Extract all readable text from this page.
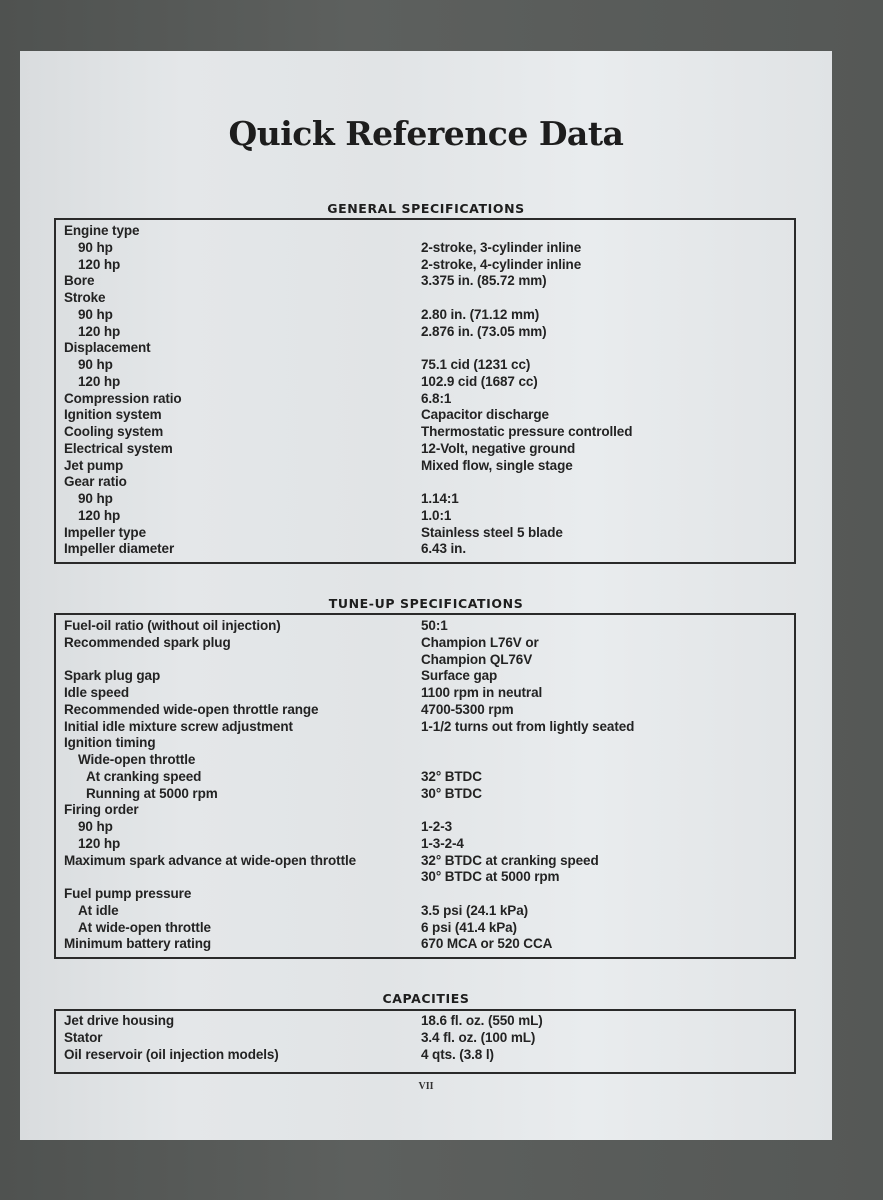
Quick Reference Data
GENERAL SPECIFICATIONS
Engine type
90 hp	2-stroke, 3-cylinder inline
120 hp	2-stroke, 4-cylinder inline
Bore	3.375 in. (85.72 mm)
Stroke
90 hp	2.80 in. (71.12 mm)
120 hp	2.876 in. (73.05 mm)
Displacement
90 hp	75.1 cid (1231 cc)
120 hp	102.9 cid (1687 cc)
Compression ratio	6.8:1
Ignition system	Capacitor discharge
Cooling system	Thermostatic pressure controlled
Electrical system	12-Volt, negative ground
Jet pump	Mixed flow, single stage
Gear ratio
90 hp	1.14:1
120 hp	1.0:1
Impeller type	Stainless steel 5 blade
Impeller diameter	6.43 in.
TUNE-UP SPECIFICATIONS
Fuel-oil ratio (without oil injection)	50:1
Recommended spark plug	Champion L76V or
Champion QL76V
Spark plug gap	Surface gap
Idle speed	1100 rpm in neutral
Recommended wide-open throttle range	4700-5300 rpm
Initial idle mixture screw adjustment	1-1/2 turns out from lightly seated
Ignition timing
Wide-open throttle
At cranking speed	32° BTDC
Running at 5000 rpm	30° BTDC
Firing order
90 hp	1-2-3
120 hp	1-3-2-4
Maximum spark advance at wide-open throttle	32° BTDC at cranking speed
30° BTDC at 5000 rpm
Fuel pump pressure
At idle	3.5 psi (24.1 kPa)
At wide-open throttle	6 psi (41.4 kPa)
Minimum battery rating	670 MCA or 520 CCA
CAPACITIES
Jet drive housing	18.6 fl. oz. (550 mL)
Stator	3.4 fl. oz. (100 mL)
Oil reservoir (oil injection models)	4 qts. (3.8 l)
VII
